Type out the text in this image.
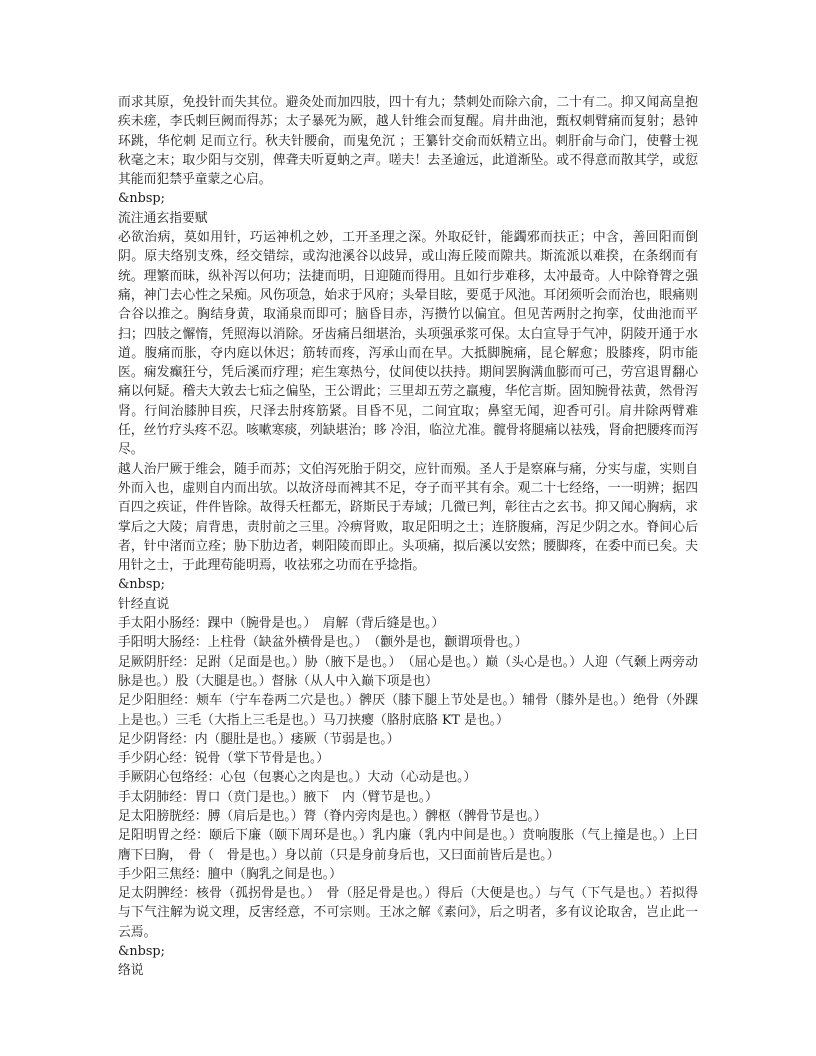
而求其原，免投针而失其位。避灸处而加四肢，四十有九；禁刺处而除六俞，二十有二。抑又闻高皇抱疾未瘥，李氏刺巨阙而得苏；太子暴死为厥，越人针维会而复醒。肩井曲池，甄权刺臂痛而复射；悬钟环跳，华佗刺 足而立行。秋夫针腰俞，而鬼免沉 ；王纂针交俞而妖精立出。刺肝俞与命门，使瞽士视秋毫之末；取少阳与交别，俾聋夫听夏蚋之声。嗟夫！去圣逾远，此道渐坠。或不得意而散其学，或愆其能而犯禁乎童蒙之心启。

&nbsp;

流注通玄指要赋

必欲治病，莫如用针，巧运神机之妙，工开圣理之深。外取砭针，能蠲邪而扶正；中含，善回阳而倒阴。原夫络别支殊，经交错综，或沟池溪谷以歧异，或山海丘陵而隙共。斯流派以难揆，在条纲而有统。理繁而昧，纵补泻以何功；法捷而明，日迎随而得用。且如行步难移，太冲最奇。人中除脊膂之强痛，神门去心性之呆痴。风伤项急，始求于风府；头晕目眩，要觅于风池。耳闭须听会而治也，眼痛则合谷以推之。胸结身黄，取涌泉而即可；脑昏目赤，泻攒竹以偏宜。但见苦两肘之拘挛，仗曲池而平扫；四肢之懈惰，凭照海以消除。牙齿痛吕细堪治，头项强承浆可保。太白宣导于气冲，阴陵开通于水道。腹痛而胀，夺内庭以休迟；筋转而疼，泻承山而在早。大抵脚腕痛，昆仑解愈；股膝疼，阴市能医。痫发癫狂兮，凭后溪而疗理；疟生寒热兮，仗间使以扶持。期间罢胸满血膨而可己，劳宫退胃翻心痛以何疑。稽夫大敦去七疝之偏坠，王公谓此；三里却五劳之羸瘦，华佗言斯。固知腕骨祛黄，然骨泻肾。行间治膝肿目疾，尺泽去肘疼筋紧。目昏不见，二间宜取；鼻窒无闻，迎香可引。肩井除两臂难任，丝竹疗头疼不忍。咳嗽寒痰，列缺堪治；眵 冷泪，临泣尤准。髋骨将腿痛以袪残，肾俞把腰疼而泻尽。

越人治尸厥于维会，随手而苏；文伯泻死胎于阴交，应针而殒。圣人于是察麻与痛，分实与虚，实则自外而入也，虚则自内而出欤。以故济母而裨其不足，夺子而平其有余。观二十七经络，一一明辨；据四百四之疾证，件件皆除。故得夭枉都无，跻斯民于寿域；几微已判，彰往古之玄书。抑又闻心胸病，求掌后之大陵；肩背患，责肘前之三里。冷痹肾败，取足阳明之土；连脐腹痛，泻足少阴之水。脊间心后者，针中渚而立痊；胁下肋边者，刺阳陵而即止。头项痛，拟后溪以安然；腰脚疼，在委中而已矣。夫用针之士，于此理苟能明焉，收祛邪之功而在乎捻指。

&nbsp;

针经直说

手太阳小肠经：踝中（腕骨是也。）　肩解（背后缝是也。）

手阳明大肠经：上柱骨（缺盆外横骨是也。）　（颧外是也，颧谓项骨也。）

足厥阴肝经：足跗（足面是也。）胁（腋下是也。）　（屈心是也。）巅（头心是也。）人迎（气颡上两旁动脉是也。）股（大腿是也。）督脉（从人中入巅下项是也）

足少阳胆经：颊车（宁车卷两二穴是也。）髀厌（膝下腿上节处是也。）辅骨（膝外是也。）绝骨（外踝上是也。）三毛（大指上三毛是也。）马刀挟瘿（胳肘底胳 KT 是也。）

足少阴肾经：内（腿肚是也。）痿厥（节弱是也。）

手少阴心经：锐骨（掌下节骨是也。）

手厥阴心包络经：心包（包裹心之肉是也。）大动（心动是也。）

手太阴肺经：胃口（贲门是也。）腋下　内（臂节是也。）

足太阳膀胱经：膊（肩后是也。）膂（脊内旁肉是也。）髀枢（髀骨节是也。）

足阳明胃之经：颐后下廉（颐下周环是也。）乳内廉（乳内中间是也。）贲响腹胀（气上撞是也。）上曰膺下曰胸，　骨（　骨是也。）身以前（只是身前身后也，又曰面前皆后是也。）

手少阳三焦经：膻中（胸乳之间是也。）

足太阴脾经：核骨（孤拐骨是也。）　骨（胫足骨是也。）得后（大便是也。）与气（下气是也。）若拟得与下气注解为说文理，反害经意，不可宗则。王冰之解《素问》，后之明者，多有议论取舍，岂止此一云焉。

&nbsp;

络说
